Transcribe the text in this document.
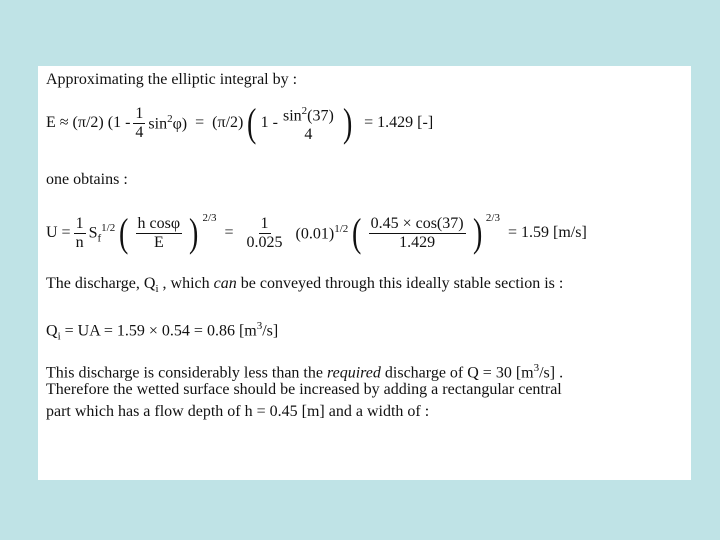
Approximating the elliptic integral by :
E ≈ (π/2) $(1 - \frac{1}{4} \sin^2\varphi) = (\pi/2)$ ( $1 - \sin^2(37)$
4 ) = 1.429 [-]
one obtains :
$U = \frac{1}{n} S_f^{1/2}$ ( $\frac{\text{h cosφ}}{E}$ ) $^{2/3}$
= $\frac{1}{0.025} (0.01)^{1/2}$ ( $\frac{0.45 \times \cos(37)}{1.429}$ ) $^{2/3}$
= 1.59 [m/s]
The discharge, $Q_i$ , which can be conveyed through this ideally stable section is :
$Q_i$ = UA = 1.59 × 0.54 = 0.86 $[m^3/s]$
This discharge is considerably less than the required discharge of Q = 30 $[m^3/s]$ .
Therefore the wetted surface should be increased by adding a rectangular central
part which has a flow depth of h = 0.45 [m] and a width of :
